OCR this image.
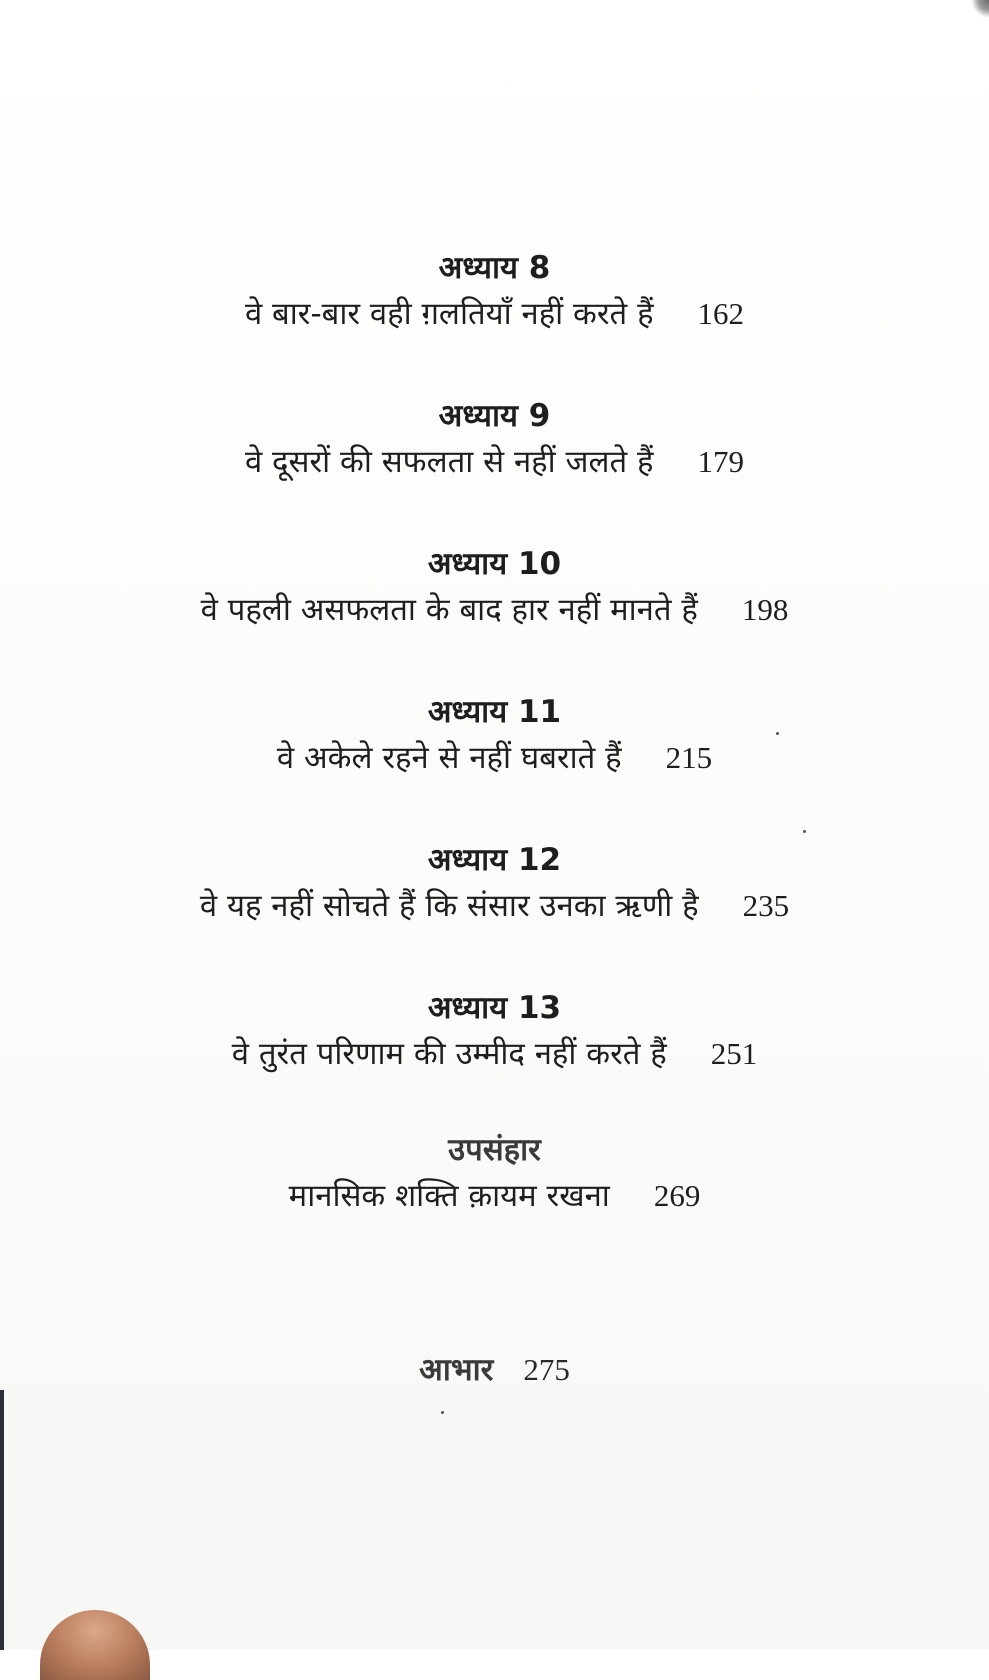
अध्याय 8
वे बार-बार वही ग़लतियाँ नहीं करते हैं 162
अध्याय 9
वे दूसरों की सफलता से नहीं जलते हैं 179
अध्याय 10
वे पहली असफलता के बाद हार नहीं मानते हैं 198
अध्याय 11
वे अकेले रहने से नहीं घबराते हैं 215
अध्याय 12
वे यह नहीं सोचते हैं कि संसार उनका ऋणी है 235
अध्याय 13
वे तुरंत परिणाम की उम्मीद नहीं करते हैं 251
उपसंहार
मानसिक शक्ति क़ायम रखना 269
आभार 275
